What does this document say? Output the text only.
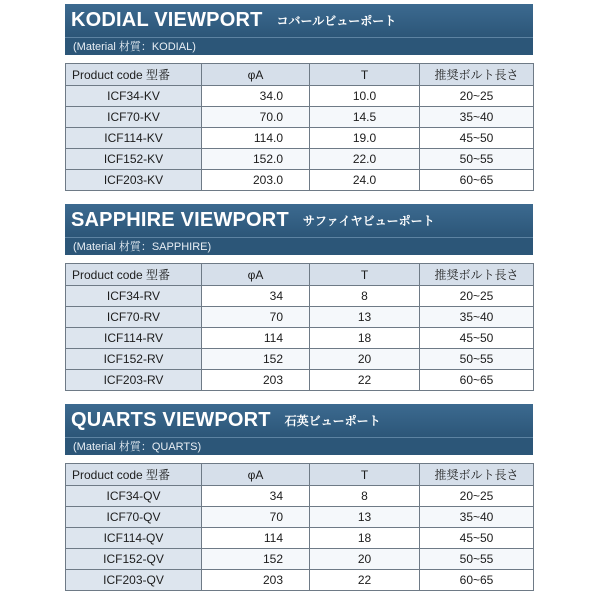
KODIAL VIEWPORT コバールビューポート
(Material 材質：KODIAL)
Product code 型番	φA	T	推奨ボルト長さ
ICF34-KV	34.0	10.0	20~25
ICF70-KV	70.0	14.5	35~40
ICF114-KV	114.0	19.0	45~50
ICF152-KV	152.0	22.0	50~55
ICF203-KV	203.0	24.0	60~65
SAPPHIRE VIEWPORT サファイヤビューポート
(Material 材質：SAPPHIRE)
Product code 型番	φA	T	推奨ボルト長さ
ICF34-RV	34	8	20~25
ICF70-RV	70	13	35~40
ICF114-RV	114	18	45~50
ICF152-RV	152	20	50~55
ICF203-RV	203	22	60~65
QUARTS VIEWPORT 石英ビューポート
(Material 材質：QUARTS)
Product code 型番	φA	T	推奨ボルト長さ
ICF34-QV	34	8	20~25
ICF70-QV	70	13	35~40
ICF114-QV	114	18	45~50
ICF152-QV	152	20	50~55
ICF203-QV	203	22	60~65
